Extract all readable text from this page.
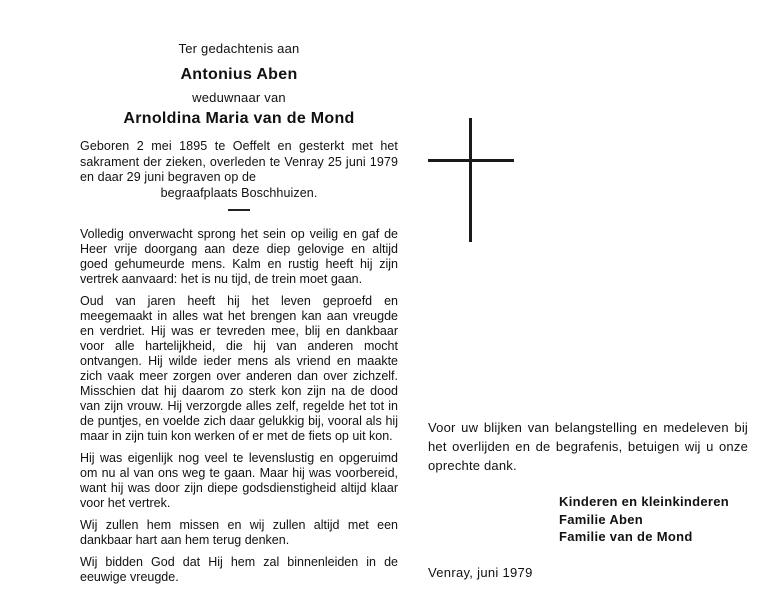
Ter gedachtenis aan
Antonius Aben
weduwnaar van
Arnoldina Maria van de Mond
Geboren 2 mei 1895 te Oeffelt en gesterkt met het sakrament der zieken, overleden te Venray 25 juni 1979 en daar 29 juni begraven op de
begraafplaats Boschhuizen.

Volledig onverwacht sprong het sein op veilig en gaf de Heer vrije doorgang aan deze diep gelovige en altijd goed gehumeurde mens. Kalm en rustig heeft hij zijn vertrek aanvaard: het is nu tijd, de trein moet gaan.

Oud van jaren heeft hij het leven geproefd en meegemaakt in alles wat het brengen kan aan vreugde en verdriet. Hij was er tevreden mee, blij en dankbaar voor alle hartelijkheid, die hij van anderen mocht ontvangen. Hij wilde ieder mens als vriend en maakte zich vaak meer zorgen over anderen dan over zichzelf. Misschien dat hij daarom zo sterk kon zijn na de dood van zijn vrouw. Hij verzorgde alles zelf, regelde het tot in de puntjes, en voelde zich daar gelukkig bij, vooral als hij maar in zijn tuin kon werken of er met de fiets op uit kon.

Hij was eigenlijk nog veel te levenslustig en opgeruimd om nu al van ons weg te gaan. Maar hij was voorbereid, want hij was door zijn diepe godsdienstigheid altijd klaar voor het vertrek.

Wij zullen hem missen en wij zullen altijd met een dankbaar hart aan hem terug denken.

Wij bidden God dat Hij hem zal binnenleiden in de eeuwige vreugde.

Voor uw blijken van belangstelling en medeleven bij het overlijden en de begrafenis, betuigen wij u onze oprechte dank.
Kinderen en kleinkinderen
Familie Aben
Familie van de Mond
Venray, juni 1979
